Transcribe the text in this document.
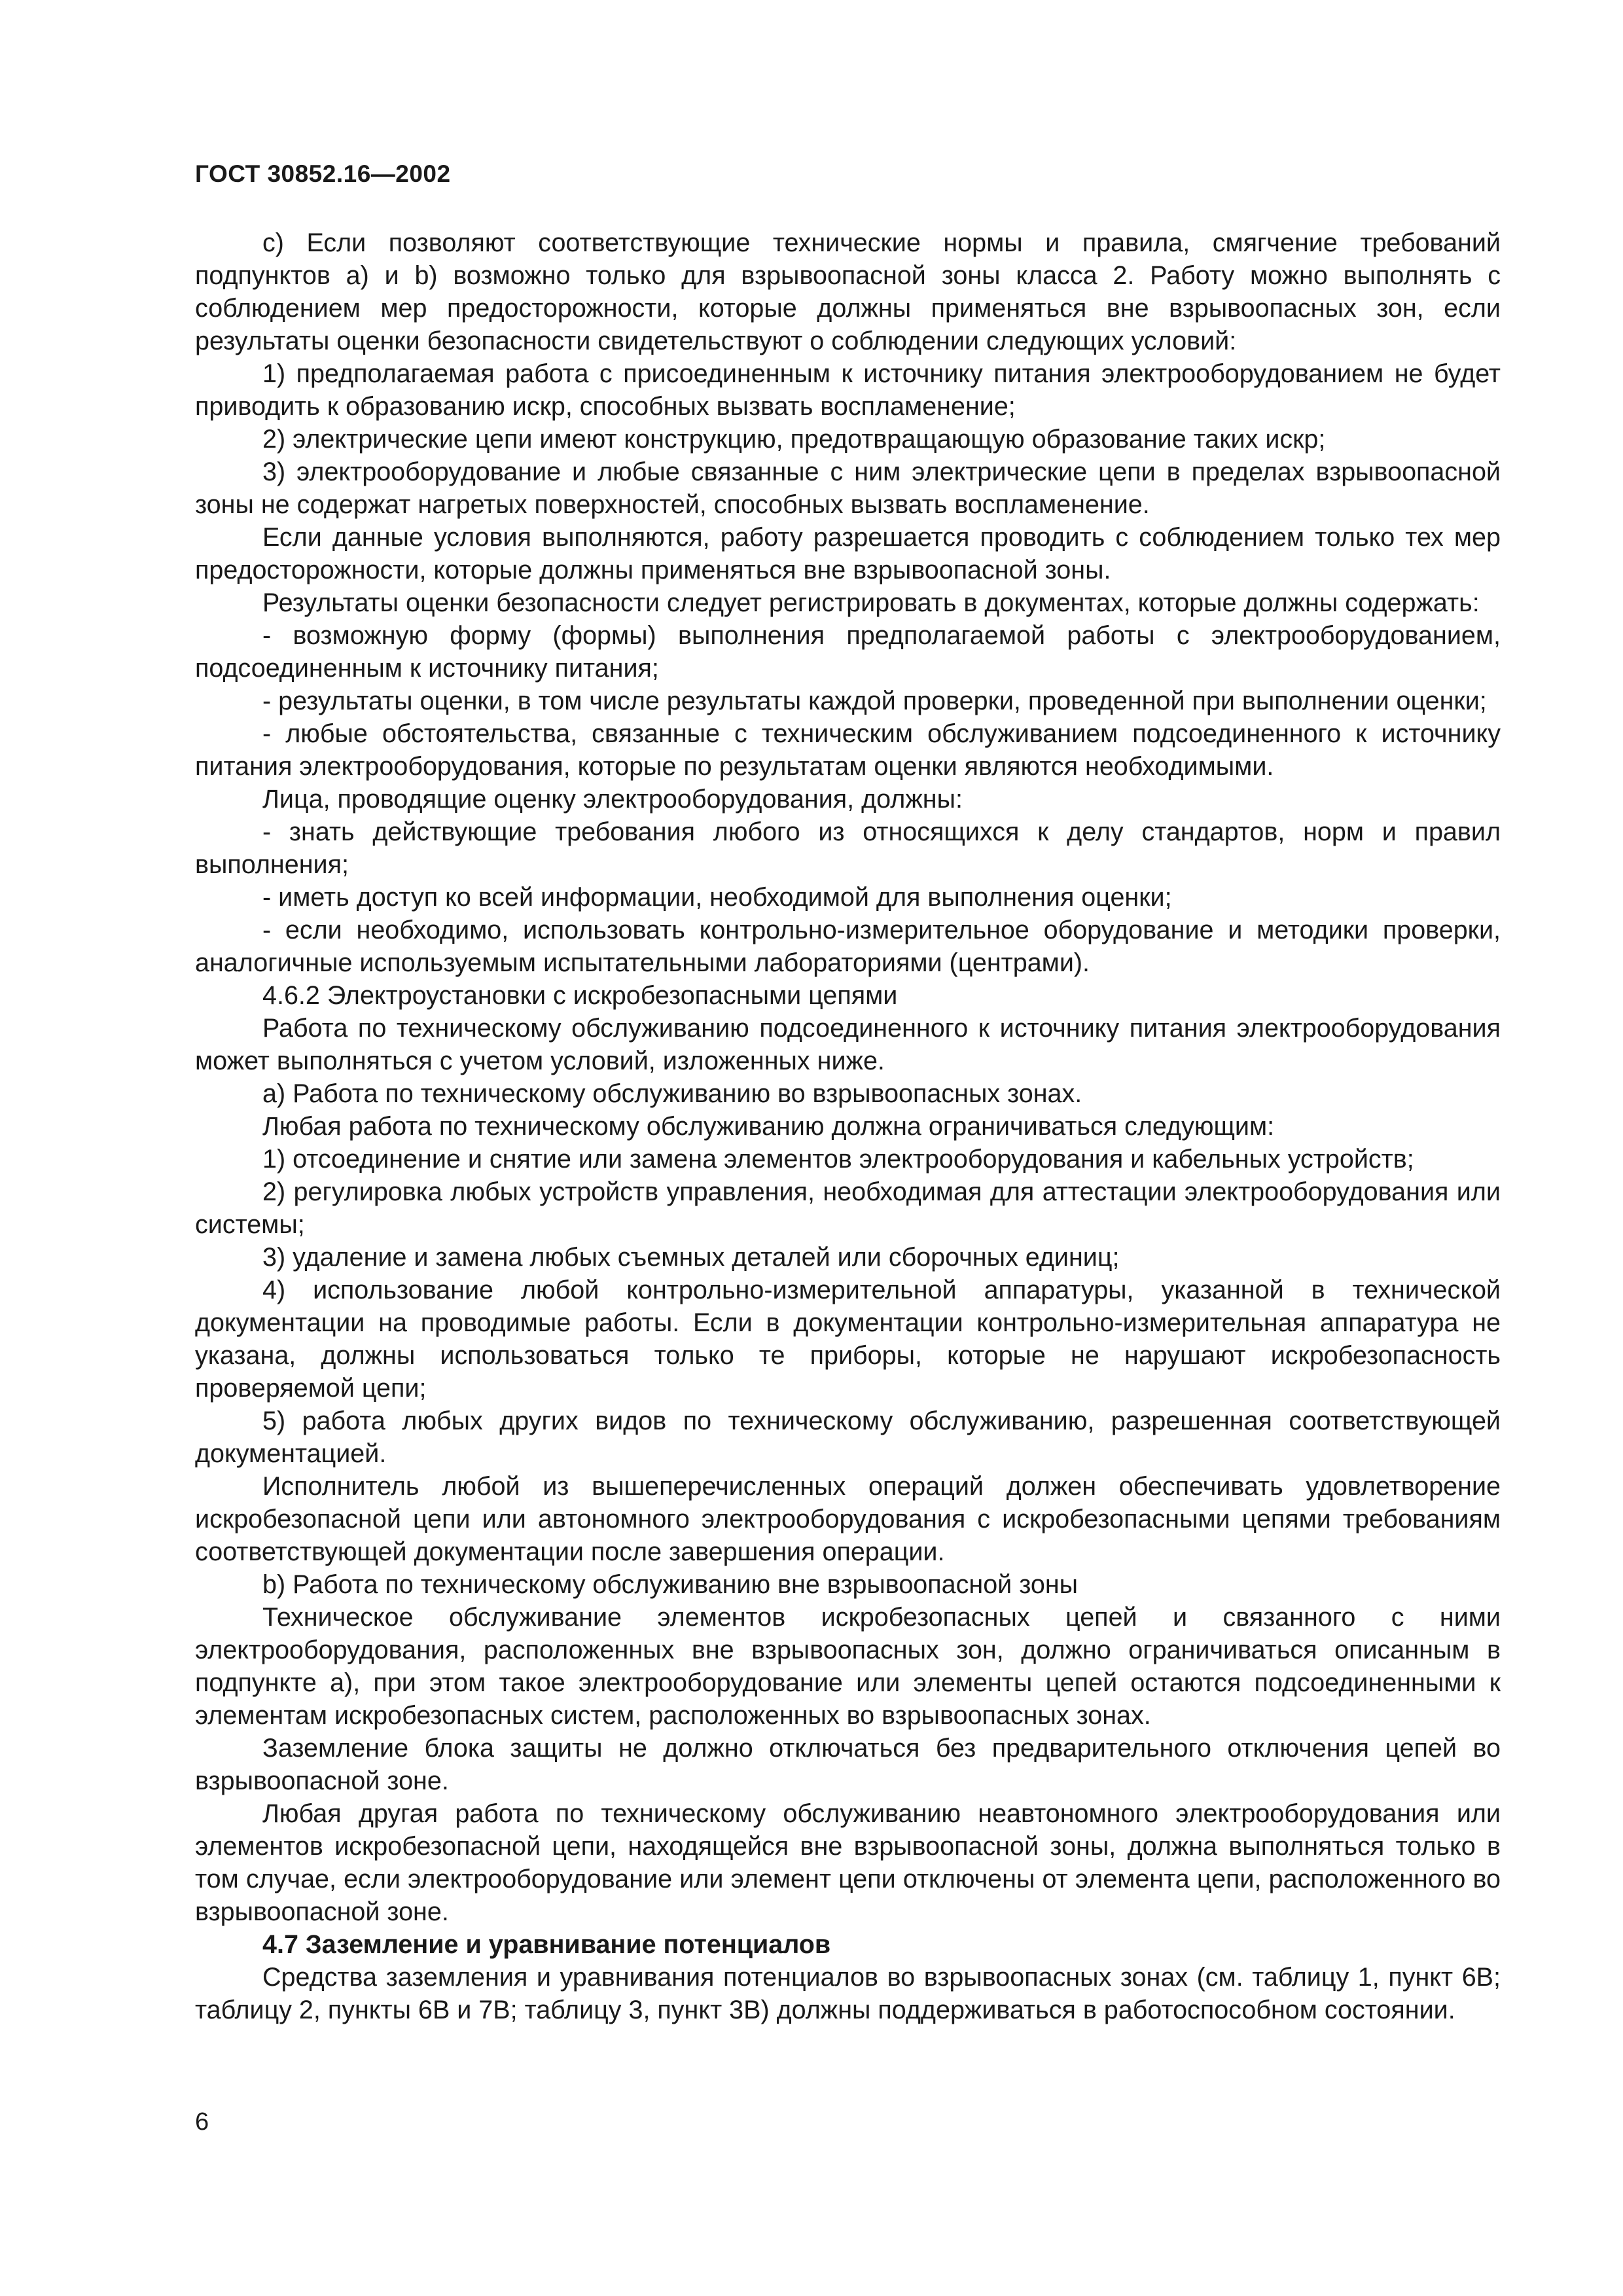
ГОСТ 30852.16—2002

c) Если позволяют соответствующие технические нормы и правила, смягчение требований подпунктов a) и b) возможно только для взрывоопасной зоны класса 2. Работу можно выполнять с соблюдением мер предосторожности, которые должны применяться вне взрывоопасных зон, если результаты оценки безопасности свидетельствуют о соблюдении следующих условий:

1) предполагаемая работа с присоединенным к источнику питания электрооборудованием не будет приводить к образованию искр, способных вызвать воспламенение;

2) электрические цепи имеют конструкцию, предотвращающую образование таких искр;

3) электрооборудование и любые связанные с ним электрические цепи в пределах взрывоопасной зоны не содержат нагретых поверхностей, способных вызвать воспламенение.

Если данные условия выполняются, работу разрешается проводить с соблюдением только тех мер предосторожности, которые должны применяться вне взрывоопасной зоны.

Результаты оценки безопасности следует регистрировать в документах, которые должны содержать:

- возможную форму (формы) выполнения предполагаемой работы с электрооборудованием, подсоединенным к источнику питания;

- результаты оценки, в том числе результаты каждой проверки, проведенной при выполнении оценки;

- любые обстоятельства, связанные с техническим обслуживанием подсоединенного к источнику питания электрооборудования, которые по результатам оценки являются необходимыми.

Лица, проводящие оценку электрооборудования, должны:

- знать действующие требования любого из относящихся к делу стандартов, норм и правил выполнения;

- иметь доступ ко всей информации, необходимой для выполнения оценки;

- если необходимо, использовать контрольно-измерительное оборудование и методики проверки, аналогичные используемым испытательными лабораториями (центрами).

4.6.2 Электроустановки с искробезопасными цепями

Работа по техническому обслуживанию подсоединенного к источнику питания электрооборудования может выполняться с учетом условий, изложенных ниже.

a) Работа по техническому обслуживанию во взрывоопасных зонах.

Любая работа по техническому обслуживанию должна ограничиваться следующим:

1) отсоединение и снятие или замена элементов электрооборудования и кабельных устройств;

2) регулировка любых устройств управления, необходимая для аттестации электрооборудования или системы;

3) удаление и замена любых съемных деталей или сборочных единиц;

4) использование любой контрольно-измерительной аппаратуры, указанной в технической документации на проводимые работы. Если в документации контрольно-измерительная аппаратура не указана, должны использоваться только те приборы, которые не нарушают искробезопасность проверяемой цепи;

5) работа любых других видов по техническому обслуживанию, разрешенная соответствующей документацией.

Исполнитель любой из вышеперечисленных операций должен обеспечивать удовлетворение искробезопасной цепи или автономного электрооборудования с искробезопасными цепями требованиям соответствующей документации после завершения операции.

b) Работа по техническому обслуживанию вне взрывоопасной зоны

Техническое обслуживание элементов искробезопасных цепей и связанного с ними электрооборудования, расположенных вне взрывоопасных зон, должно ограничиваться описанным в подпункте a), при этом такое электрооборудование или элементы цепей остаются подсоединенными к элементам искробезопасных систем, расположенных во взрывоопасных зонах.

Заземление блока защиты не должно отключаться без предварительного отключения цепей во взрывоопасной зоне.

Любая другая работа по техническому обслуживанию неавтономного электрооборудования или элементов искробезопасной цепи, находящейся вне взрывоопасной зоны, должна выполняться только в том случае, если электрооборудование или элемент цепи отключены от элемента цепи, расположенного во взрывоопасной зоне.

4.7 Заземление и уравнивание потенциалов

Средства заземления и уравнивания потенциалов во взрывоопасных зонах (см. таблицу 1, пункт 6В; таблицу 2, пункты 6В и 7В; таблицу 3, пункт 3В) должны поддерживаться в работоспособном состоянии.

6
